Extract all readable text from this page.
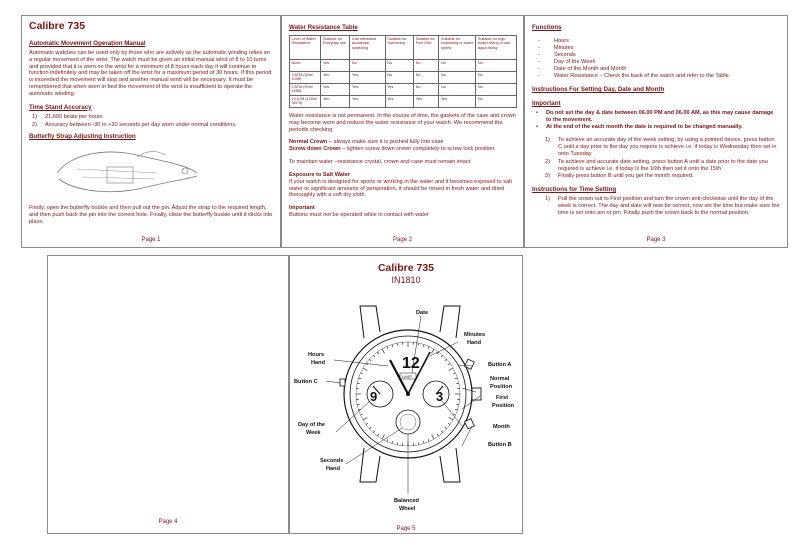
Calibre 735
Automatic Movement Operation Manual
Automatic watches can be used only by those who are actively as the automatic winding relies on a regular movement of the wrist. The watch must be given an initial manual wind of 8 to 10 turns and provided that it is worn on the wrist for a minimum of 8 hours each day it will continue to function indefinitely and may be taken off the wrist for a maximum period of 30 hours. If this period is exceeded the movement will stop and another manual wind will be necessary. It must be remembered that when worn in bed the movement of the wrist is insufficient to operate the automatic winding.
Time Stand Accuracy
1)	21,600 beats per hours
2)	Accuracy between -30 to +30 seconds per day worn under normal conditions.
Butterfly Strap Adjusting Instruction
Firstly, open the butterfly buckle and then pull out the pin. Adjust the strap to the required length, and then push back the pin into the correct hole. Finally, close the butterfly buckle until it clicks into place.
Page 1
Water Resistance Table
Level of Water Resistance	Suitable for Everyday use	Can withstand accidental splashing	Suitable for Swimming	Suitable for Pool Size	Suitable for snorkeling or water sports	Suitable for high board diving or sub aqua diving
None	Yes	No	No	No	No	No
3 ATM (30m/ 100ft)	Yes	Yes	No	No	No	No
5 ATM (50m/ 165ft)	Yes	Yes	Yes	No	No	No
10 ATM (100m/ 300 ft)	Yes	Yes	Yes	Yes	Yes	No
Water resistance is not permanent. In the course of time, the gaskets of the case and crown may become worn and reduce the water resistance of your watch. We recommend the periodic checking
Normal Crown – always make sure it is pushed fully into case
Screw down Crown – tighten screw down crown completely to screw lock position.
To maintain water –resistance crystal, crown and case must remain intact
Exposure to Salt Water
If your watch is designed for sports or working in the water and it becomes exposed to salt water or significant amounts of perspiration, it should be rinsed in fresh water and dried thoroughly with a soft dry cloth.
Important
Buttons must not be operated while in contact with water
Page 2
Functions
- Hours
- Minutes
- Seconds
- Day of the Week
- Date of the Month and Month
- Water Resistance – Check the back of the watch and refer to the Table.
Instructions For Setting Day, Date and Month
Important
• Do not set the day & date between 06.00 PM and 06.00 AM, as this may cause damage to the movement.
• At the end of the each month the date is required to be changed manually.
1)	To achieve an accurate day of the week setting, by using a pointed device, press button C until a day prior to the day you require is achieve i.e. if today is Wednesday then set in onto Tuesday
2)	To achieve and accurate date setting, press button A until a date prior to the date you required is achieve i.e. if today is the 16th then set it onto the 15th
3)	Finally press button B until you get the month required.
Instructions for Time Setting
1)	Pull the crown out to First position and turn the crown anti-clockwise until the day of the week is correct. The day and date will now be correct, now set the time but make sure the time is set onto am or pm. Finally push the crown back to the normal position.
Page 3
Page 4
Calibre 735
IN1810
12
9	3
LIMIT
Date
Minutes
Hand
Hours
Hand	Button A
Button C	Normal
Position
First
Position
Day of the
Week
Month
Button B
Seconds
Hand
Balanced
Wheel
Page 5
